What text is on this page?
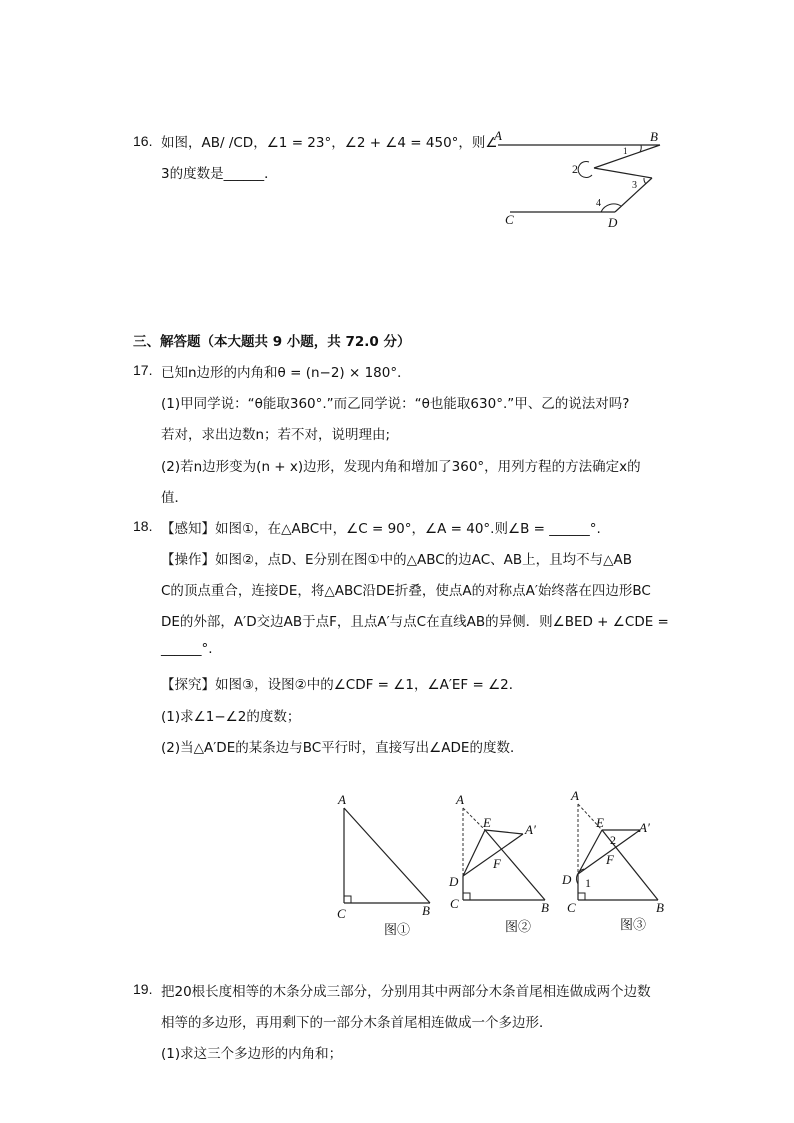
16. 如图，AB/ /CD，∠1 = 23°，∠2 + ∠4 = 450°，则∠
3的度数是______．
A	B
C	D
1
2
3
4
三、解答题（本大题共 9 小题，共 72.0 分）
17. 已知n边形的内角和θ = (n−2) × 180°．
(1)甲同学说：“θ能取360°.”而乙同学说：“θ也能取630°.”甲、乙的说法对吗?
若对，求出边数n；若不对，说明理由;
(2)若n边形变为(n + x)边形，发现内角和增加了360°，用列方程的方法确定x的
值．
18. 【感知】如图①，在△ABC中，∠C = 90°，∠A = 40°.则∠B = ______°.
【操作】如图②，点D、E分别在图①中的△ABC的边AC、AB上，且均不与△AB
C的顶点重合，连接DE，将△ABC沿DE折叠，使点A的对称点A′始终落在四边形BC
DE的外部，A′D交边AB于点F，且点A′与点C在直线AB的异侧．则∠BED + ∠CDE =
______°.
【探究】如图③，设图②中的∠CDF = ∠1，∠A′EF = ∠2．
(1)求∠1−∠2的度数；
(2)当△A′DE的某条边与BC平行时，直接写出∠ADE的度数．
A
C	B
图①
A
E	A′
F
D
C	B
图②
A
E
2
A′
F
D 1
C	B
图③
19. 把20根长度相等的木条分成三部分，分别用其中两部分木条首尾相连做成两个边数
相等的多边形，再用剩下的一部分木条首尾相连做成一个多边形．
(1)求这三个多边形的内角和；
